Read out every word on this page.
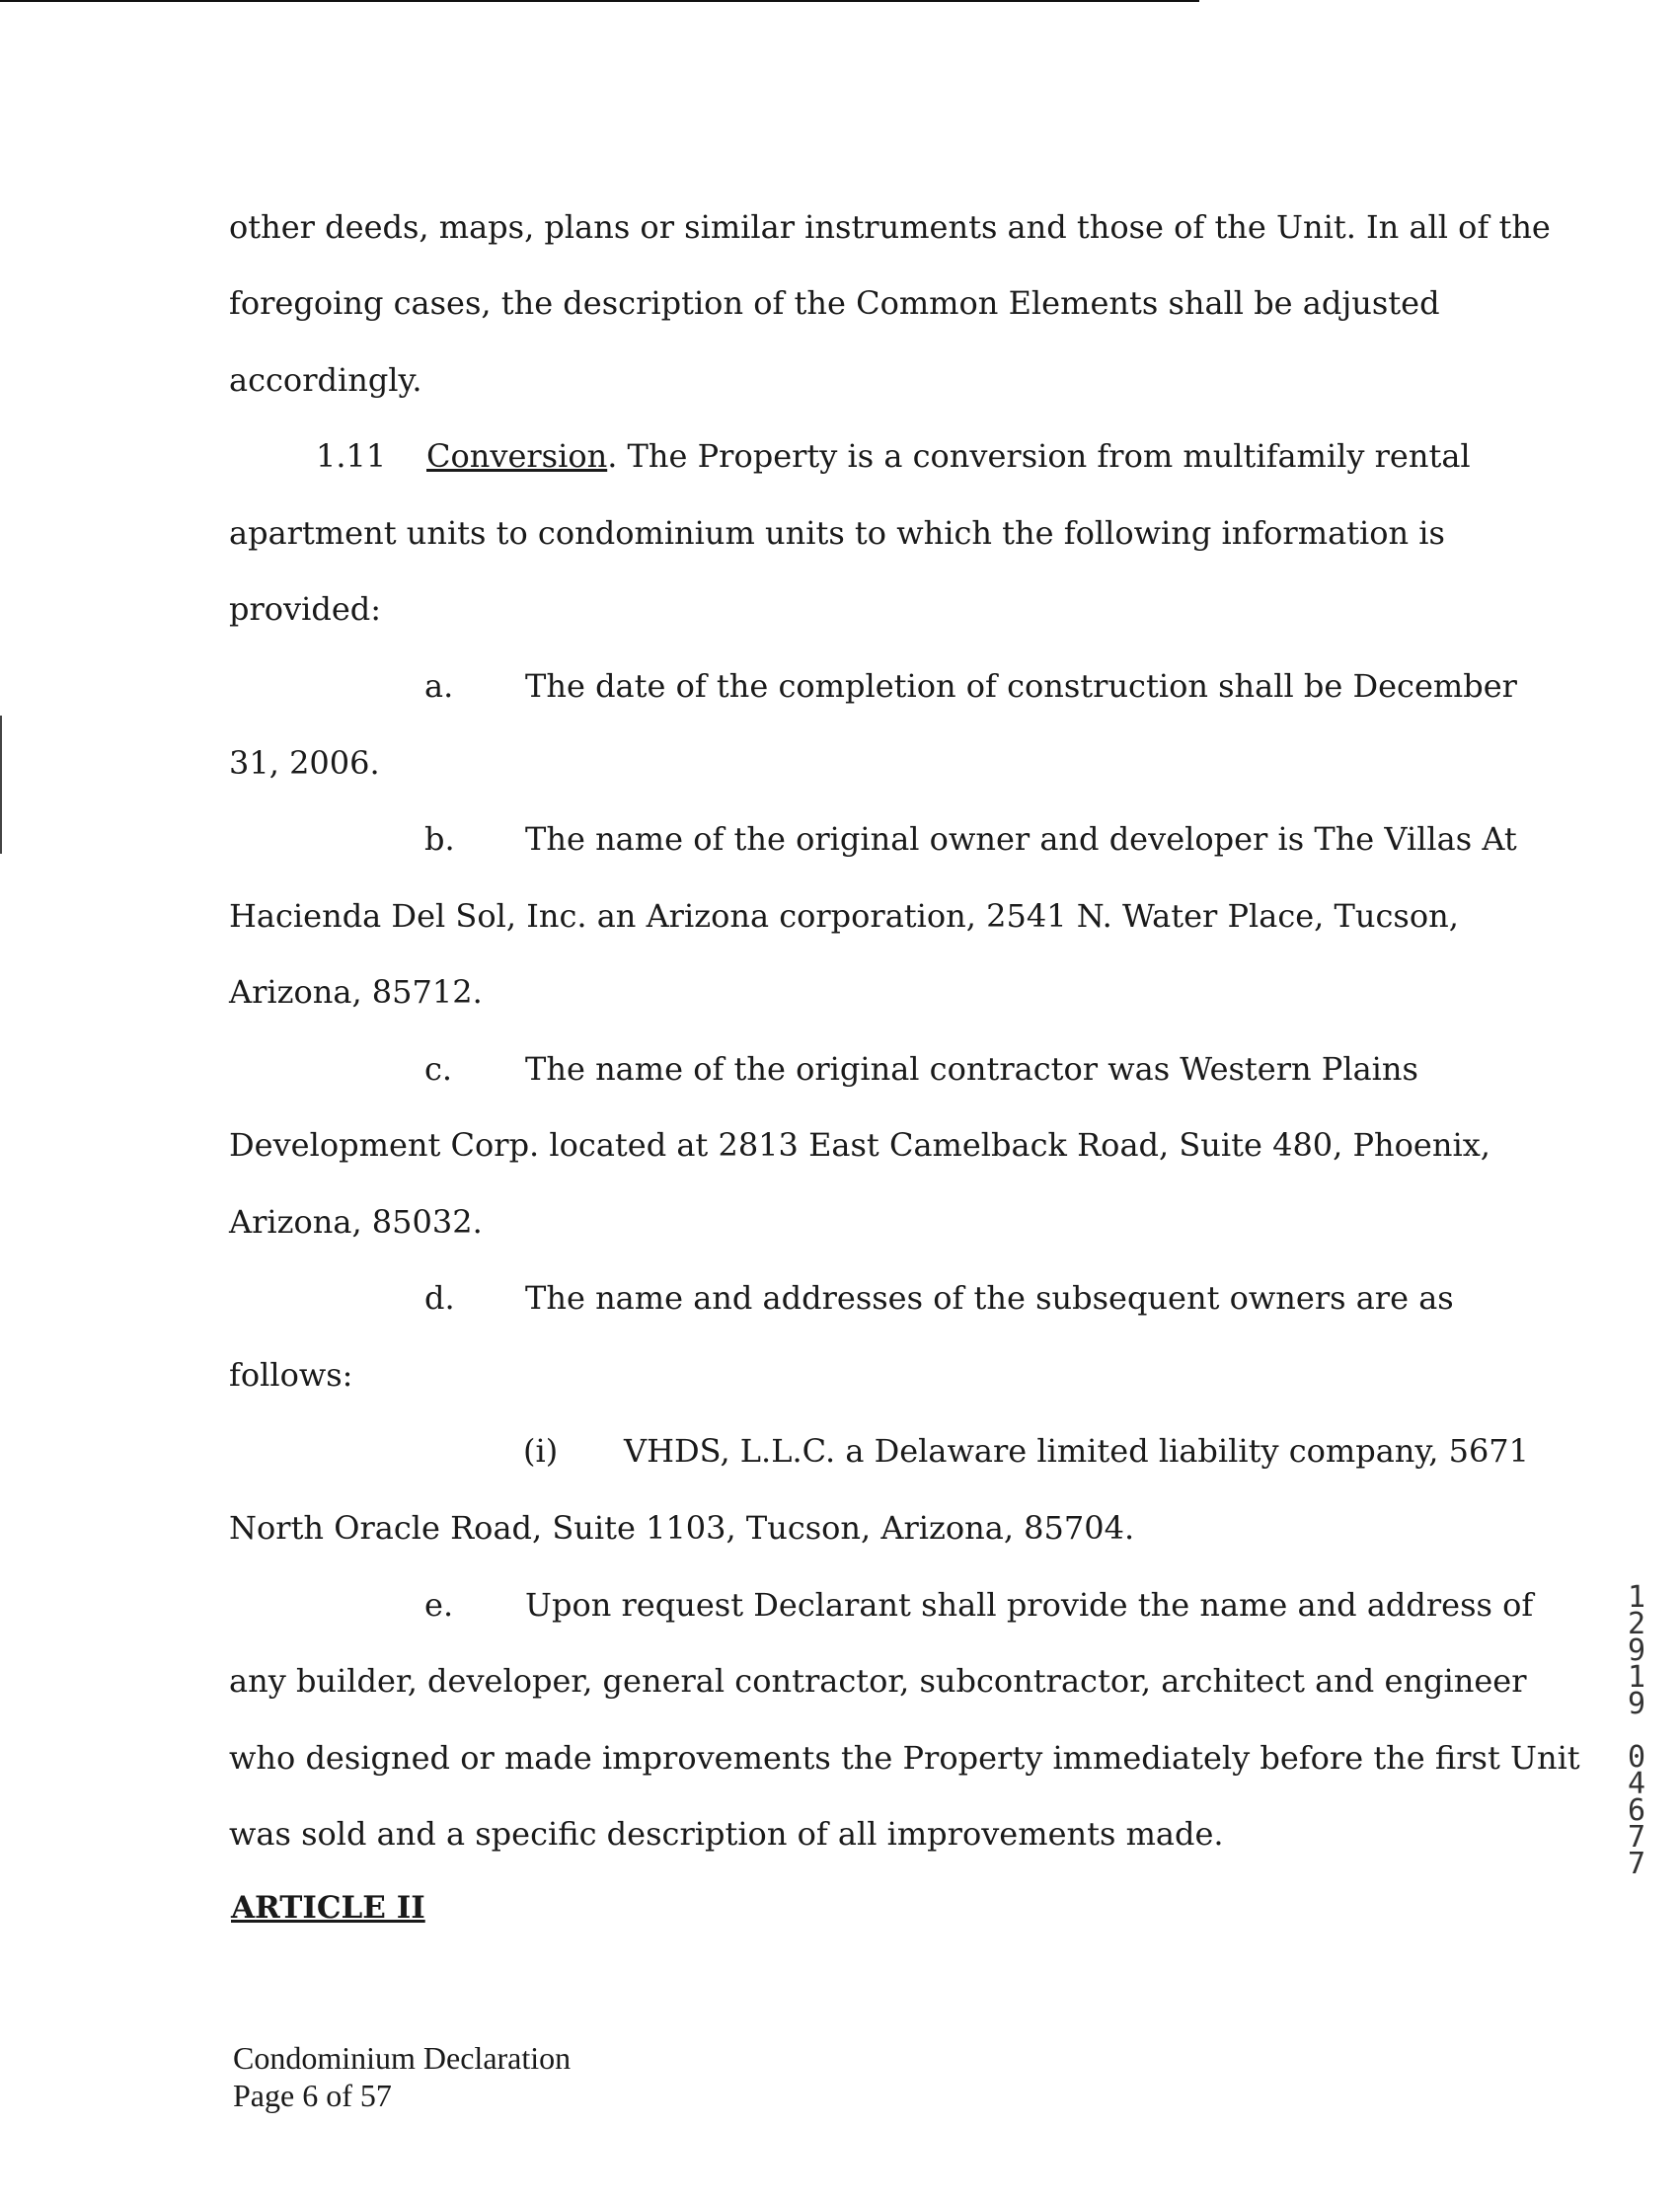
other deeds, maps, plans or similar instruments and those of the Unit. In all of the
foregoing cases, the description of the Common Elements shall be adjusted
accordingly.
1.11 Conversion. The Property is a conversion from multifamily rental
apartment units to condominium units to which the following information is
provided:
a. The date of the completion of construction shall be December
31, 2006.
b. The name of the original owner and developer is The Villas At
Hacienda Del Sol, Inc. an Arizona corporation, 2541 N. Water Place, Tucson,
Arizona, 85712.
c. The name of the original contractor was Western Plains
Development Corp. located at 2813 East Camelback Road, Suite 480, Phoenix,
Arizona, 85032.
d. The name and addresses of the subsequent owners are as
follows:
(i) VHDS, L.L.C. a Delaware limited liability company, 5671
North Oracle Road, Suite 1103, Tucson, Arizona, 85704.
e. Upon request Declarant shall provide the name and address of
any builder, developer, general contractor, subcontractor, architect and engineer
who designed or made improvements the Property immediately before the first Unit
was sold and a specific description of all improvements made.
ARTICLE II
Condominium Declaration
Page 6 of 57
1
2
9
1
9
0
4
6
7
7
